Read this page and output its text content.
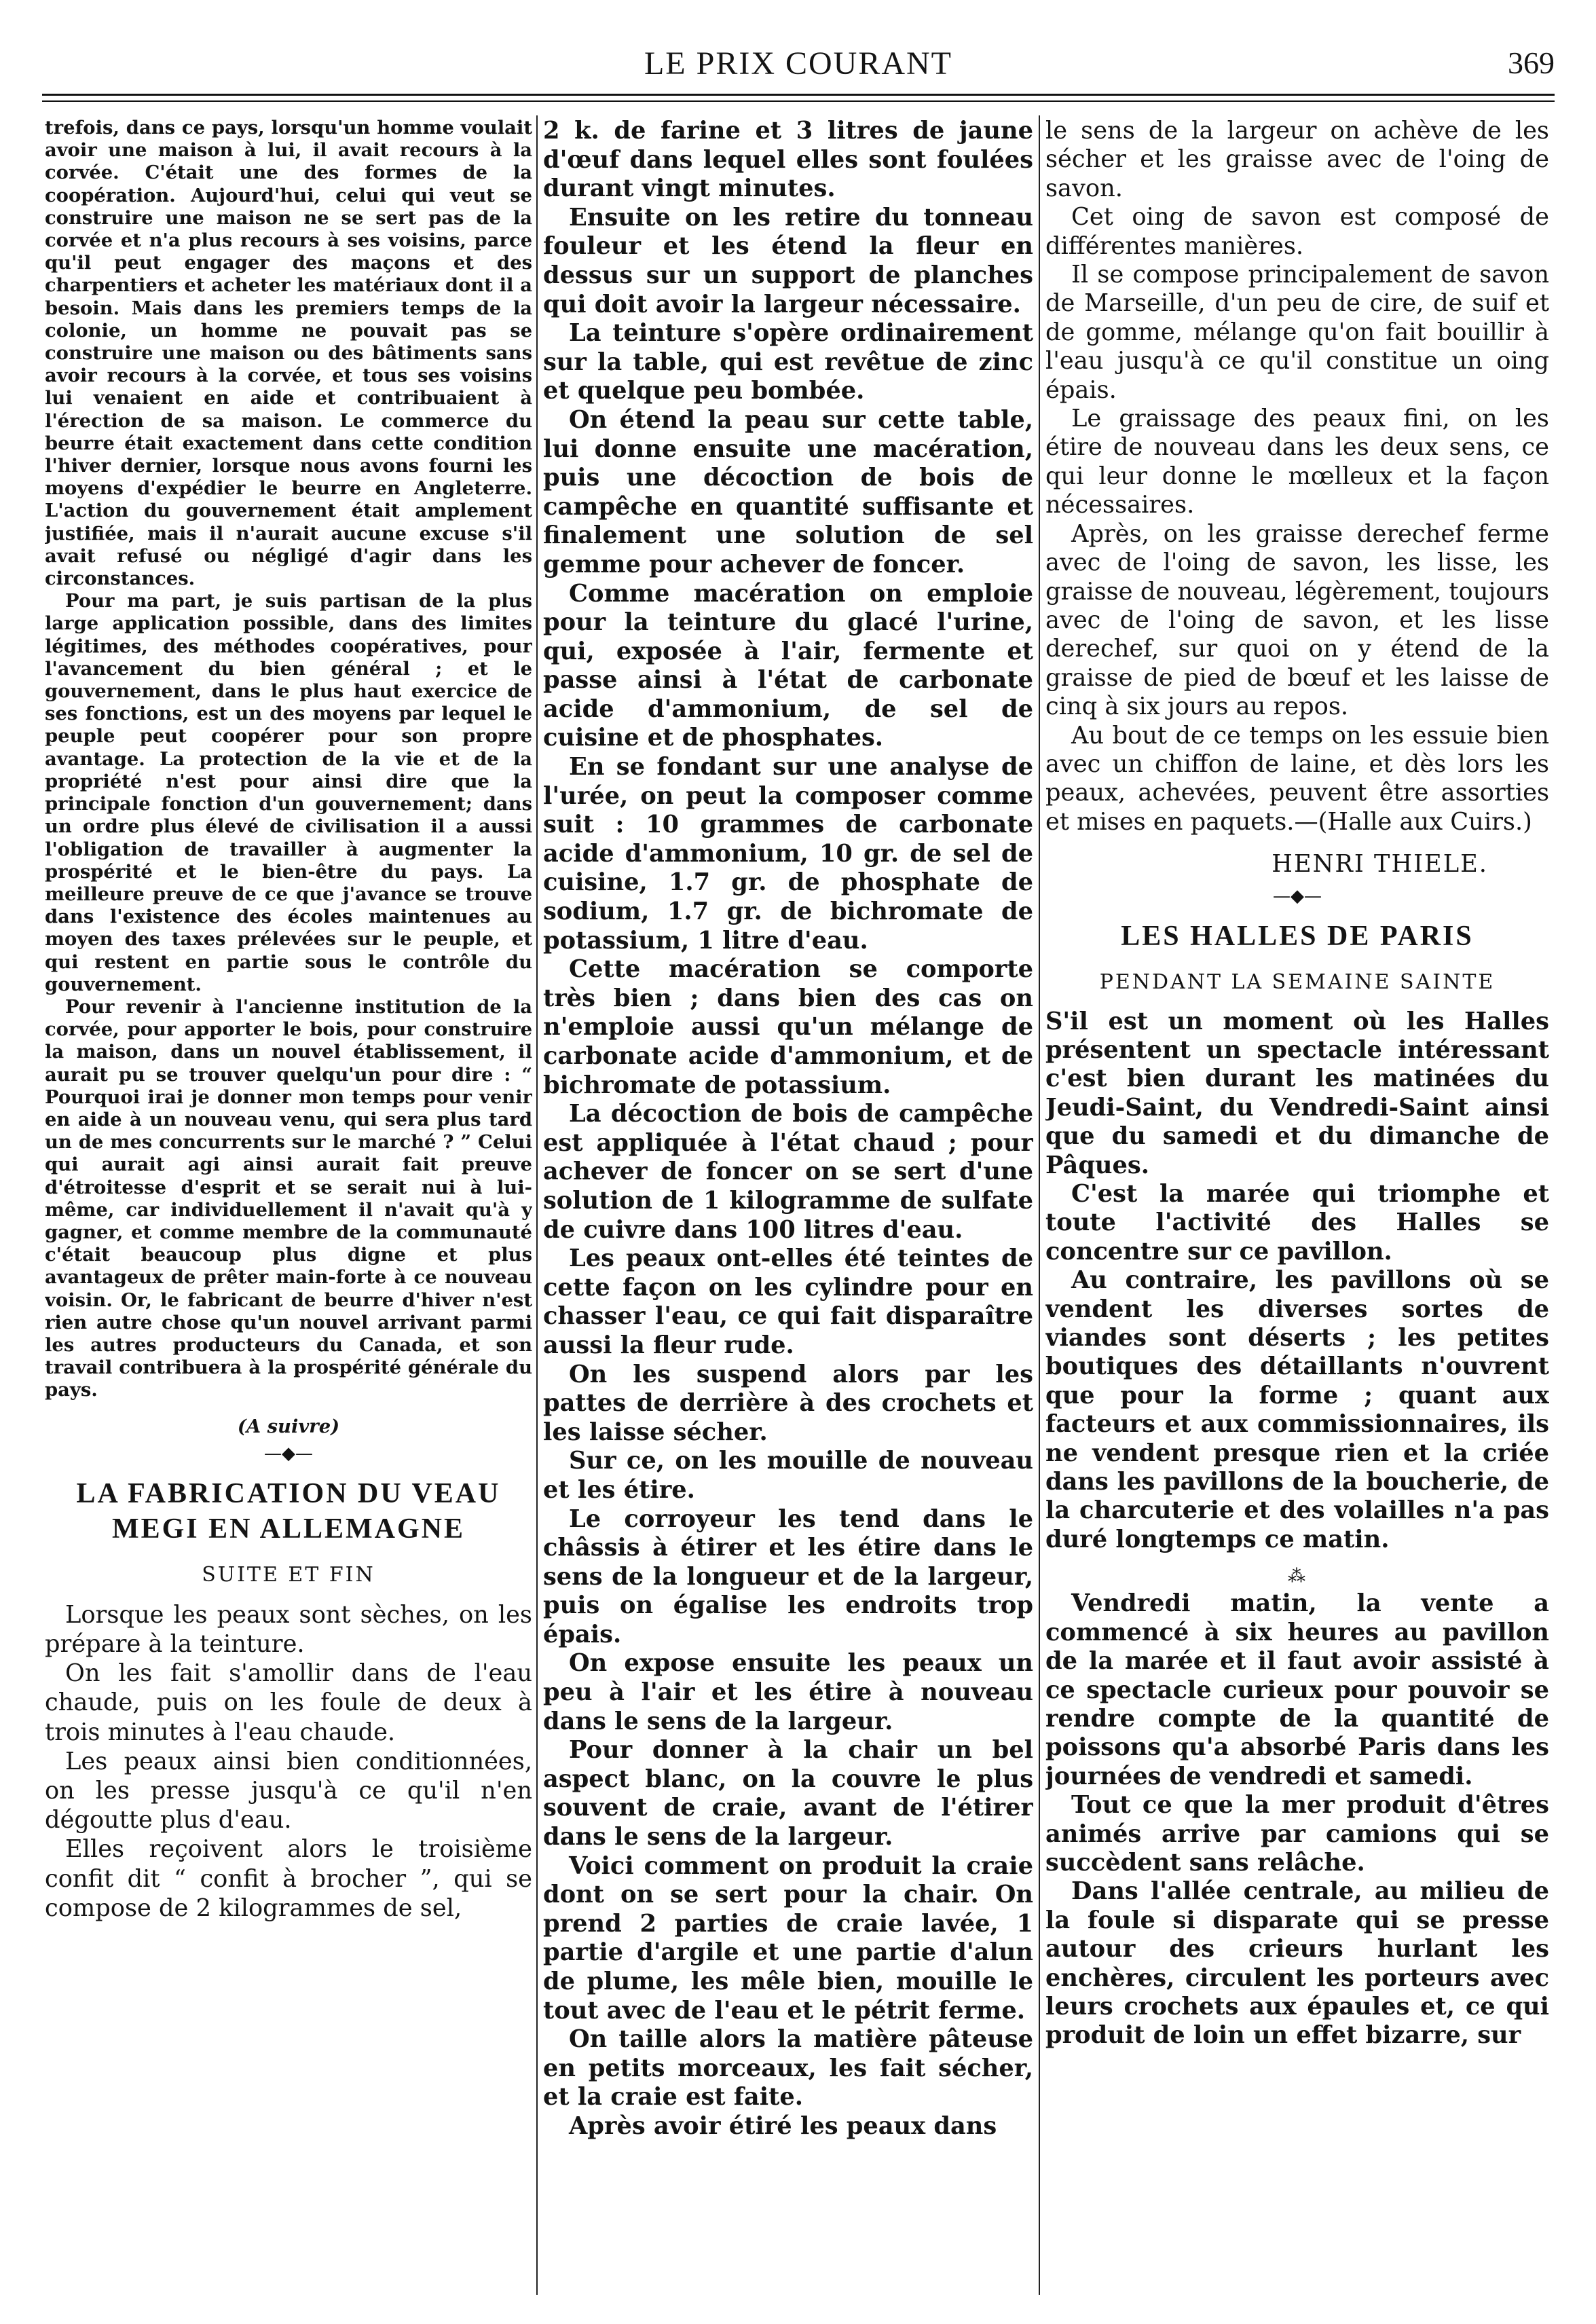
LE PRIX COURANT	369

trefois, dans ce pays, lorsqu'un homme voulait avoir une maison à lui, il avait recours à la corvée. C'était une des formes de la coopération. Aujourd'hui, celui qui veut se construire une maison ne se sert pas de la corvée et n'a plus recours à ses voisins, parce qu'il peut engager des maçons et des charpentiers et acheter les matériaux dont il a besoin. Mais dans les premiers temps de la colonie, un homme ne pouvait pas se construire une maison ou des bâtiments sans avoir recours à la corvée, et tous ses voisins lui venaient en aide et contribuaient à l'érection de sa maison. Le commerce du beurre était exactement dans cette condition l'hiver dernier, lorsque nous avons fourni les moyens d'expédier le beurre en Angleterre. L'action du gouvernement était amplement justifiée, mais il n'aurait aucune excuse s'il avait refusé ou négligé d'agir dans les circonstances.

Pour ma part, je suis partisan de la plus large application possible, dans des limites légitimes, des méthodes coopératives, pour l'avancement du bien général ; et le gouvernement, dans le plus haut exercice de ses fonctions, est un des moyens par lequel le peuple peut coopérer pour son propre avantage. La protection de la vie et de la propriété n'est pour ainsi dire que la principale fonction d'un gouvernement; dans un ordre plus élevé de civilisation il a aussi l'obligation de travailler à augmenter la prospérité et le bien-être du pays. La meilleure preuve de ce que j'avance se trouve dans l'existence des écoles maintenues au moyen des taxes prélevées sur le peuple, et qui restent en partie sous le contrôle du gouvernement.

Pour revenir à l'ancienne institution de la corvée, pour apporter le bois, pour construire la maison, dans un nouvel établissement, il aurait pu se trouver quelqu'un pour dire : “ Pourquoi irai je donner mon temps pour venir en aide à un nouveau venu, qui sera plus tard un de mes concurrents sur le marché ? ” Celui qui aurait agi ainsi aurait fait preuve d'étroitesse d'esprit et se serait nui à lui-même, car individuellement il n'avait qu'à y gagner, et comme membre de la communauté c'était beaucoup plus digne et plus avantageux de prêter main-forte à ce nouveau voisin. Or, le fabricant de beurre d'hiver n'est rien autre chose qu'un nouvel arrivant parmi les autres producteurs du Canada, et son travail contribuera à la prospérité générale du pays.

(A suivre)

—◆—
LA FABRICATION DU VEAU
MEGI EN ALLEMAGNE
SUITE ET FIN

Lorsque les peaux sont sèches, on les prépare à la teinture.

On les fait s'amollir dans de l'eau chaude, puis on les foule de deux à trois minutes à l'eau chaude.

Les peaux ainsi bien conditionnées, on les presse jusqu'à ce qu'il n'en dégoutte plus d'eau.

Elles reçoivent alors le troisième confit dit “ confit à brocher ”, qui se compose de 2 kilogrammes de sel,

2 k. de farine et 3 litres de jaune d'œuf dans lequel elles sont foulées durant vingt minutes.

Ensuite on les retire du tonneau fouleur et les étend la fleur en dessus sur un support de planches qui doit avoir la largeur nécessaire.

La teinture s'opère ordinairement sur la table, qui est revêtue de zinc et quelque peu bombée.

On étend la peau sur cette table, lui donne ensuite une macération, puis une décoction de bois de campêche en quantité suffisante et finalement une solution de sel gemme pour achever de foncer.

Comme macération on emploie pour la teinture du glacé l'urine, qui, exposée à l'air, fermente et passe ainsi à l'état de carbonate acide d'ammonium, de sel de cuisine et de phosphates.

En se fondant sur une analyse de l'urée, on peut la composer comme suit : 10 grammes de carbonate acide d'ammonium, 10 gr. de sel de cuisine, 1.7 gr. de phosphate de sodium, 1.7 gr. de bichromate de potassium, 1 litre d'eau.

Cette macération se comporte très bien ; dans bien des cas on n'emploie aussi qu'un mélange de carbonate acide d'ammonium, et de bichromate de potassium.

La décoction de bois de campêche est appliquée à l'état chaud ; pour achever de foncer on se sert d'une solution de 1 kilogramme de sulfate de cuivre dans 100 litres d'eau.

Les peaux ont-elles été teintes de cette façon on les cylindre pour en chasser l'eau, ce qui fait disparaître aussi la fleur rude.

On les suspend alors par les pattes de derrière à des crochets et les laisse sécher.

Sur ce, on les mouille de nouveau et les étire.

Le corroyeur les tend dans le châssis à étirer et les étire dans le sens de la longueur et de la largeur, puis on égalise les endroits trop épais.

On expose ensuite les peaux un peu à l'air et les étire à nouveau dans le sens de la largeur.

Pour donner à la chair un bel aspect blanc, on la couvre le plus souvent de craie, avant de l'étirer dans le sens de la largeur.

Voici comment on produit la craie dont on se sert pour la chair. On prend 2 parties de craie lavée, 1 partie d'argile et une partie d'alun de plume, les mêle bien, mouille le tout avec de l'eau et le pétrit ferme.

On taille alors la matière pâteuse en petits morceaux, les fait sécher, et la craie est faite.

Après avoir étiré les peaux dans

le sens de la largeur on achève de les sécher et les graisse avec de l'oing de savon.

Cet oing de savon est composé de différentes manières.

Il se compose principalement de savon de Marseille, d'un peu de cire, de suif et de gomme, mélange qu'on fait bouillir à l'eau jusqu'à ce qu'il constitue un oing épais.

Le graissage des peaux fini, on les étire de nouveau dans les deux sens, ce qui leur donne le mœlleux et la façon nécessaires.

Après, on les graisse derechef ferme avec de l'oing de savon, les lisse, les graisse de nouveau, légèrement, toujours avec de l'oing de savon, et les lisse derechef, sur quoi on y étend de la graisse de pied de bœuf et les laisse de cinq à six jours au repos.

Au bout de ce temps on les essuie bien avec un chiffon de laine, et dès lors les peaux, achevées, peuvent être assorties et mises en paquets.—(Halle aux Cuirs.)

HENRI THIELE.

—◆—
LES HALLES DE PARIS
PENDANT LA SEMAINE SAINTE

S'il est un moment où les Halles présentent un spectacle intéressant c'est bien durant les matinées du Jeudi-Saint, du Vendredi-Saint ainsi que du samedi et du dimanche de Pâques.

C'est la marée qui triomphe et toute l'activité des Halles se concentre sur ce pavillon.

Au contraire, les pavillons où se vendent les diverses sortes de viandes sont déserts ; les petites boutiques des détaillants n'ouvrent que pour la forme ; quant aux facteurs et aux commissionnaires, ils ne vendent presque rien et la criée dans les pavillons de la boucherie, de la charcuterie et des volailles n'a pas duré longtemps ce matin.

⁂

Vendredi matin, la vente a commencé à six heures au pavillon de la marée et il faut avoir assisté à ce spectacle curieux pour pouvoir se rendre compte de la quantité de poissons qu'a absorbé Paris dans les journées de vendredi et samedi.

Tout ce que la mer produit d'êtres animés arrive par camions qui se succèdent sans relâche.

Dans l'allée centrale, au milieu de la foule si disparate qui se presse autour des crieurs hurlant les enchères, circulent les porteurs avec leurs crochets aux épaules et, ce qui produit de loin un effet bizarre, sur
